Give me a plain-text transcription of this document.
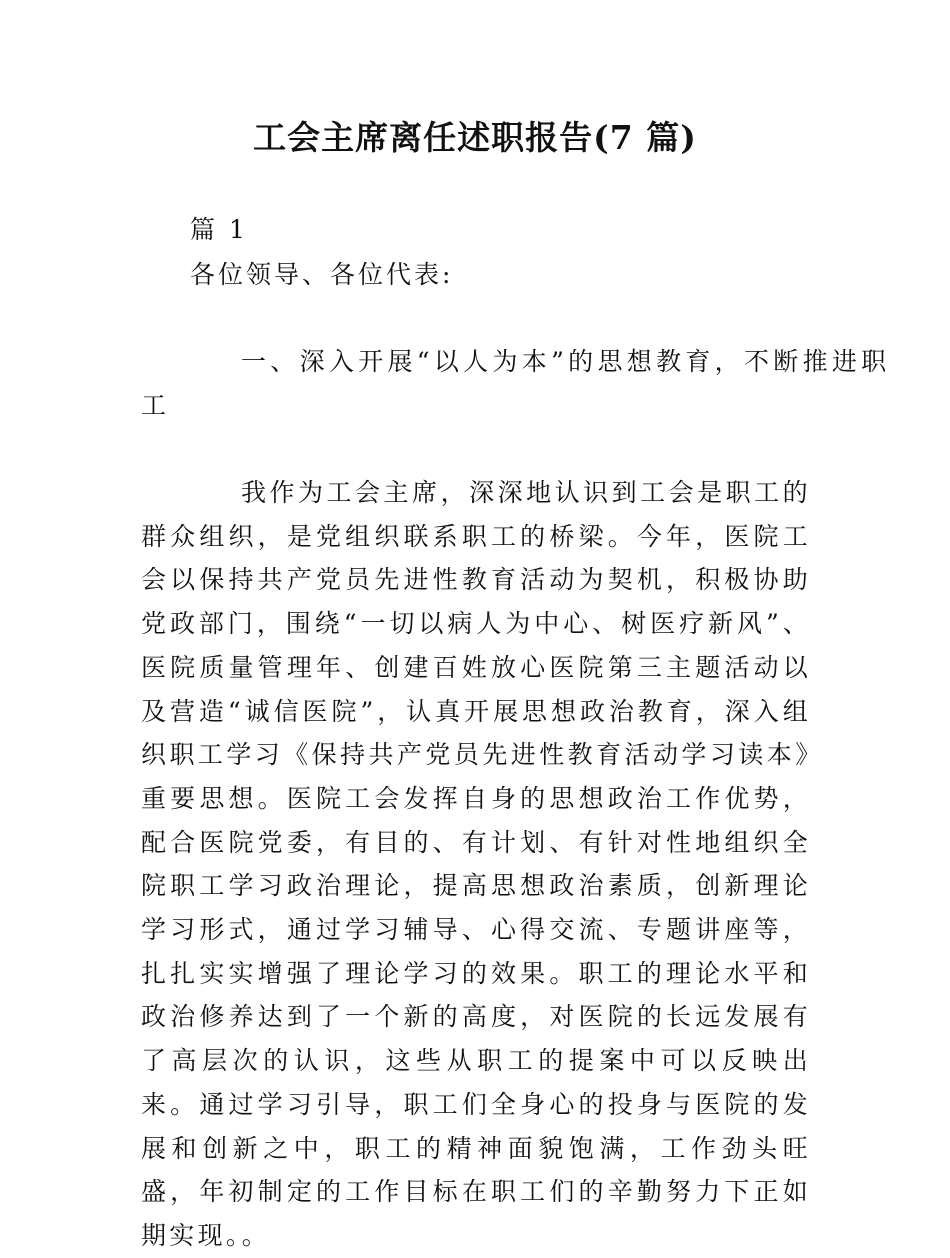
工会主席离任述职报告(7 篇)

篇 1

各位领导、各位代表:

一、深入开展“以人为本”的思想教育，不断推进职

工

我作为工会主席，深深地认识到工会是职工的群众组织，是党组织联系职工的桥梁。今年，医院工会以保持共产党员先进性教育活动为契机，积极协助党政部门，围绕“一切以病人为中心、树医疗新风”、医院质量管理年、创建百姓放心医院第三主题活动以及营造“诚信医院”，认真开展思想政治教育，深入组织职工学习《保持共产党员先进性教育活动学习读本》重要思想。医院工会发挥自身的思想政治工作优势，配合医院党委，有目的、有计划、有针对性地组织全院职工学习政治理论，提高思想政治素质，创新理论学习形式，通过学习辅导、心得交流、专题讲座等，扎扎实实增强了理论学习的效果。职工的理论水平和政治修养达到了一个新的高度，对医院的长远发展有了高层次的认识，这些从职工的提案中可以反映出来。通过学习引导，职工们全身心的投身与医院的发展和创新之中，职工的精神面貌饱满，工作劲头旺盛，年初制定的工作目标在职工们的辛勤努力下正如期实现。。
